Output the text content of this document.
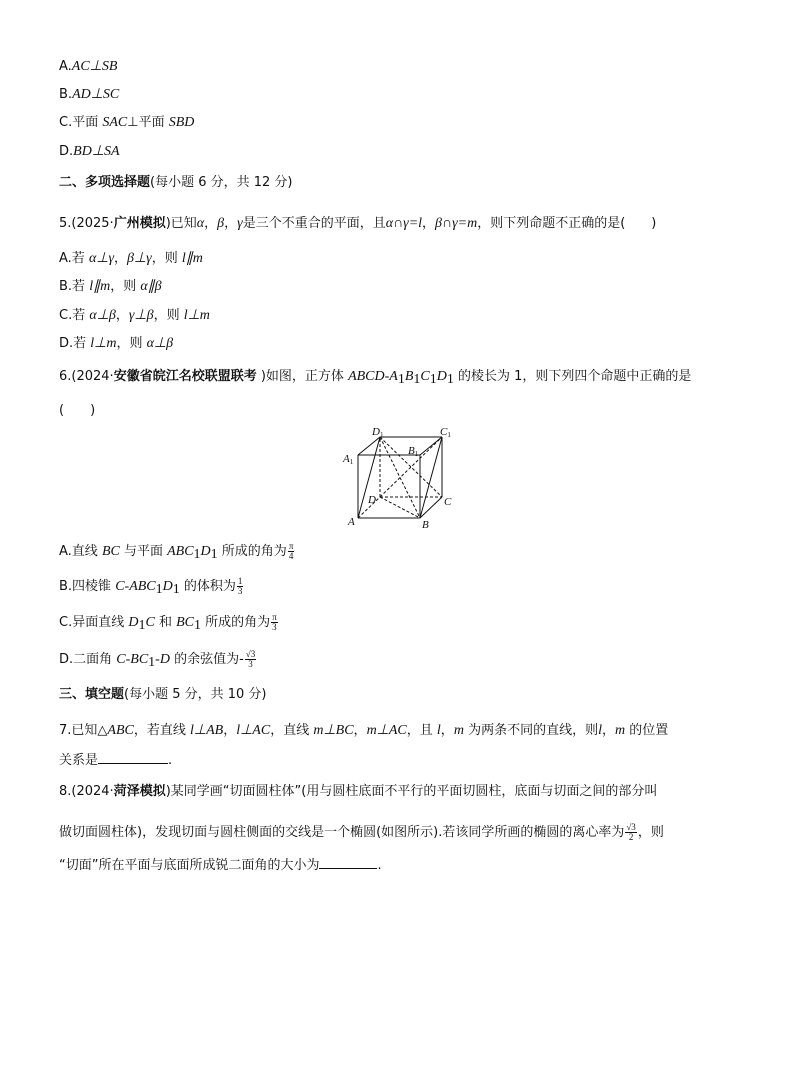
A.AC⊥SB
B.AD⊥SC
C.平面 SAC⊥平面 SBD
D.BD⊥SA
二、多项选择题(每小题 6 分，共 12 分)
5.(2025·广州模拟)已知α，β，γ是三个不重合的平面，且α∩γ=l，β∩γ=m，则下列命题不正确的是(　　)
A.若 α⊥γ，β⊥γ，则 l∥m
B.若 l∥m，则 α∥β
C.若 α⊥β，γ⊥β，则 l⊥m
D.若 l⊥m，则 α⊥β
6.(2024·安徽省皖江名校联盟联考 )如图，正方体 ABCD-$A_1B_1C_1D_1$ 的棱长为 1，则下列四个命题中正确的是
(　　)
D1	C1
A1
B1
D	C
A	B
A.直线 BC 与平面 $ABC_1D_1$ 所成的角为 $\frac{\pi}{4}$
B.四棱锥 $C-ABC_1D_1$ 的体积为 $\frac{1}{3}$
C.异面直线 $D_1C$ 和 $BC_1$ 所成的角为 $\frac{\pi}{3}$
D.二面角 $C-BC_1-D$ 的余弦值为- $\frac{√3}{3}$
三、填空题(每小题 5 分，共 10 分)
7.已知△ABC，若直线 l⊥AB，l⊥AC，直线 m⊥BC，m⊥AC，且 l，m 为两条不同的直线，则l，m 的位置
关系是	.
8.(2024·菏泽模拟)某同学画“切面圆柱体”(用与圆柱底面不平行的平面切圆柱，底面与切面之间的部分叫
做切面圆柱体)，发现切面与圆柱侧面的交线是一个椭圆(如图所示).若该同学所画的椭圆的离心率为 $\frac{√3}{2}$ ，则
“切面”所在平面与底面所成锐二面角的大小为	.
